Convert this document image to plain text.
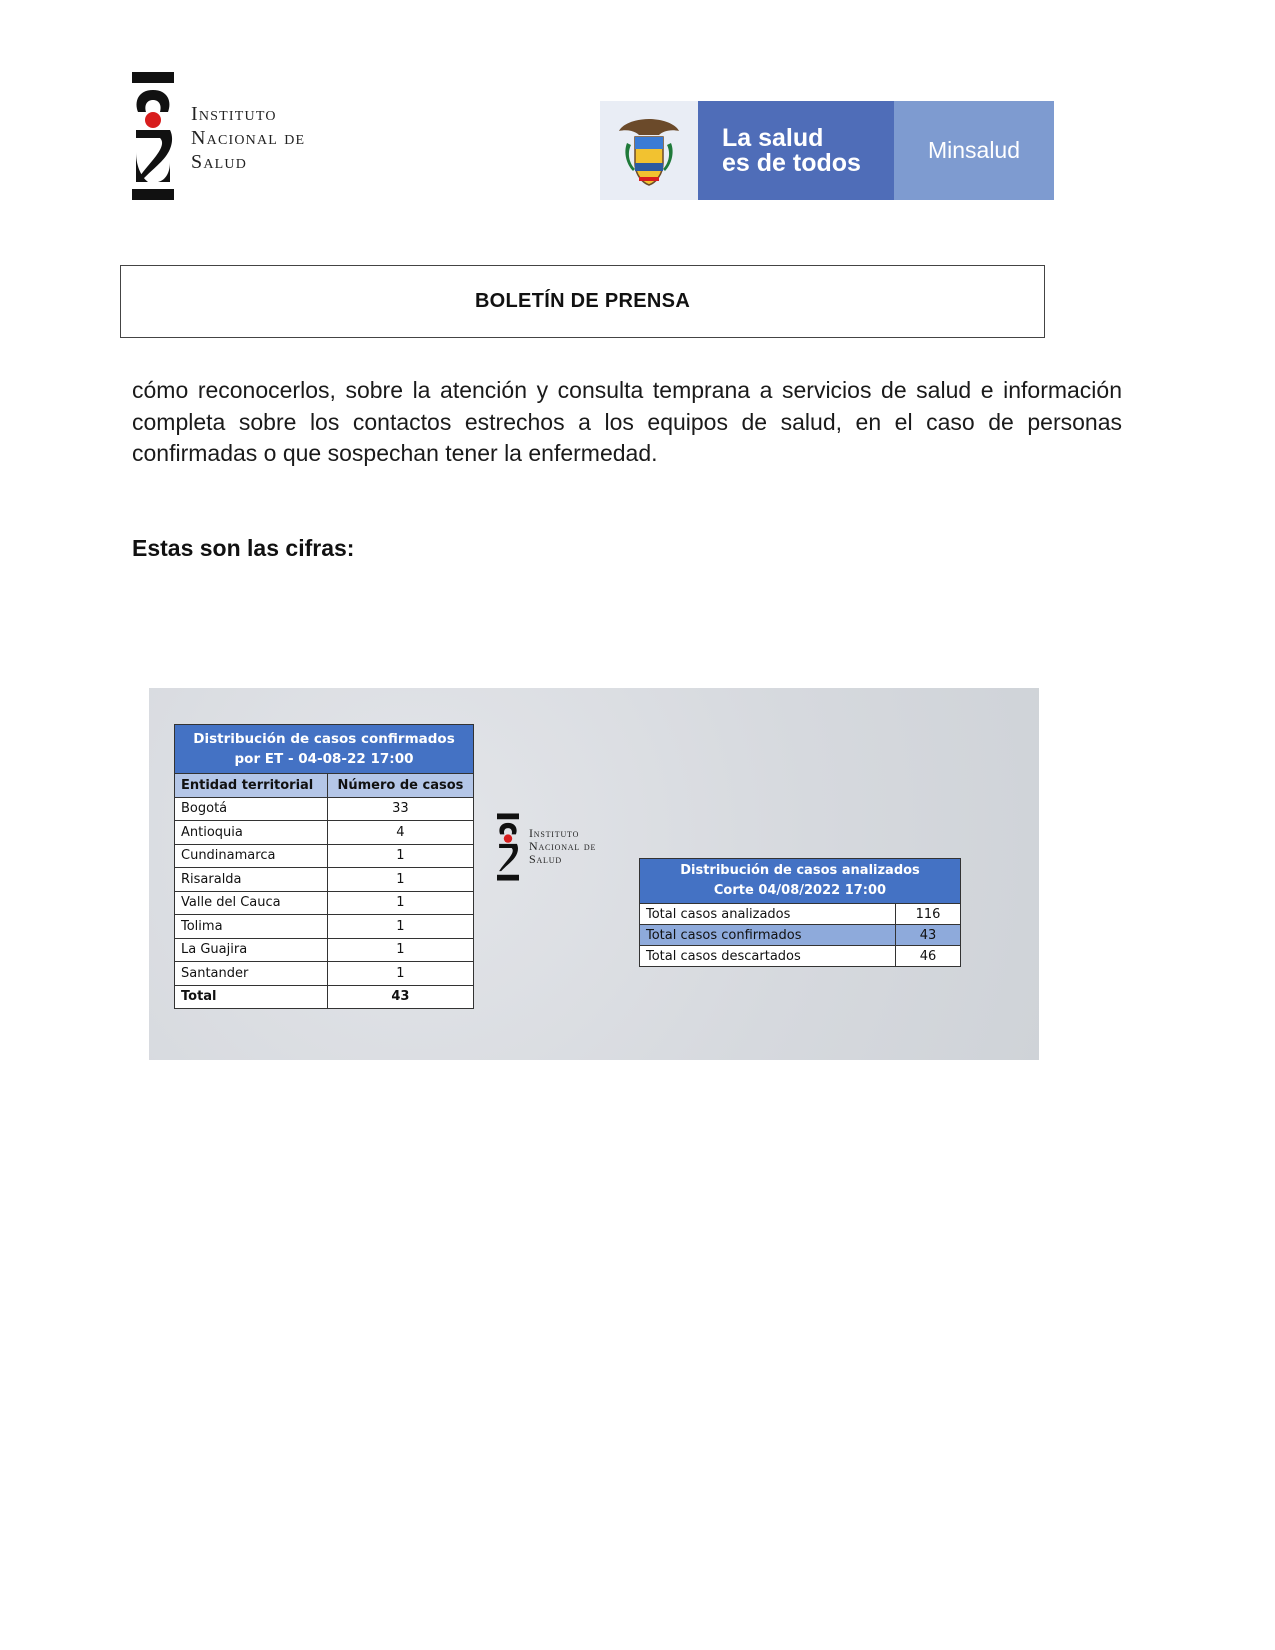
Instituto
Nacional de
Salud
La salud
es de todos	Minsalud
BOLETÍN DE PRENSA
cómo reconocerlos, sobre la atención y consulta temprana a servicios de salud e información completa sobre los contactos estrechos a los equipos de salud, en el caso de personas confirmadas o que sospechan tener la enfermedad.
Estas son las cifras:
Distribución de casos confirmados
por ET - 04-08-22 17:00	

Entidad territorial	Número de casos
Bogotá	33
Antioquia	4
Cundinamarca	1
Risaralda	1
Valle del Cauca	1
Tolima	1
La Guajira	1
Santander	1
Total	43
Instituto
Nacional de
Salud
Distribución de casos analizados
Corte 04/08/2022 17:00	

Total casos analizados	116
Total casos confirmados	43
Total casos descartados	46
